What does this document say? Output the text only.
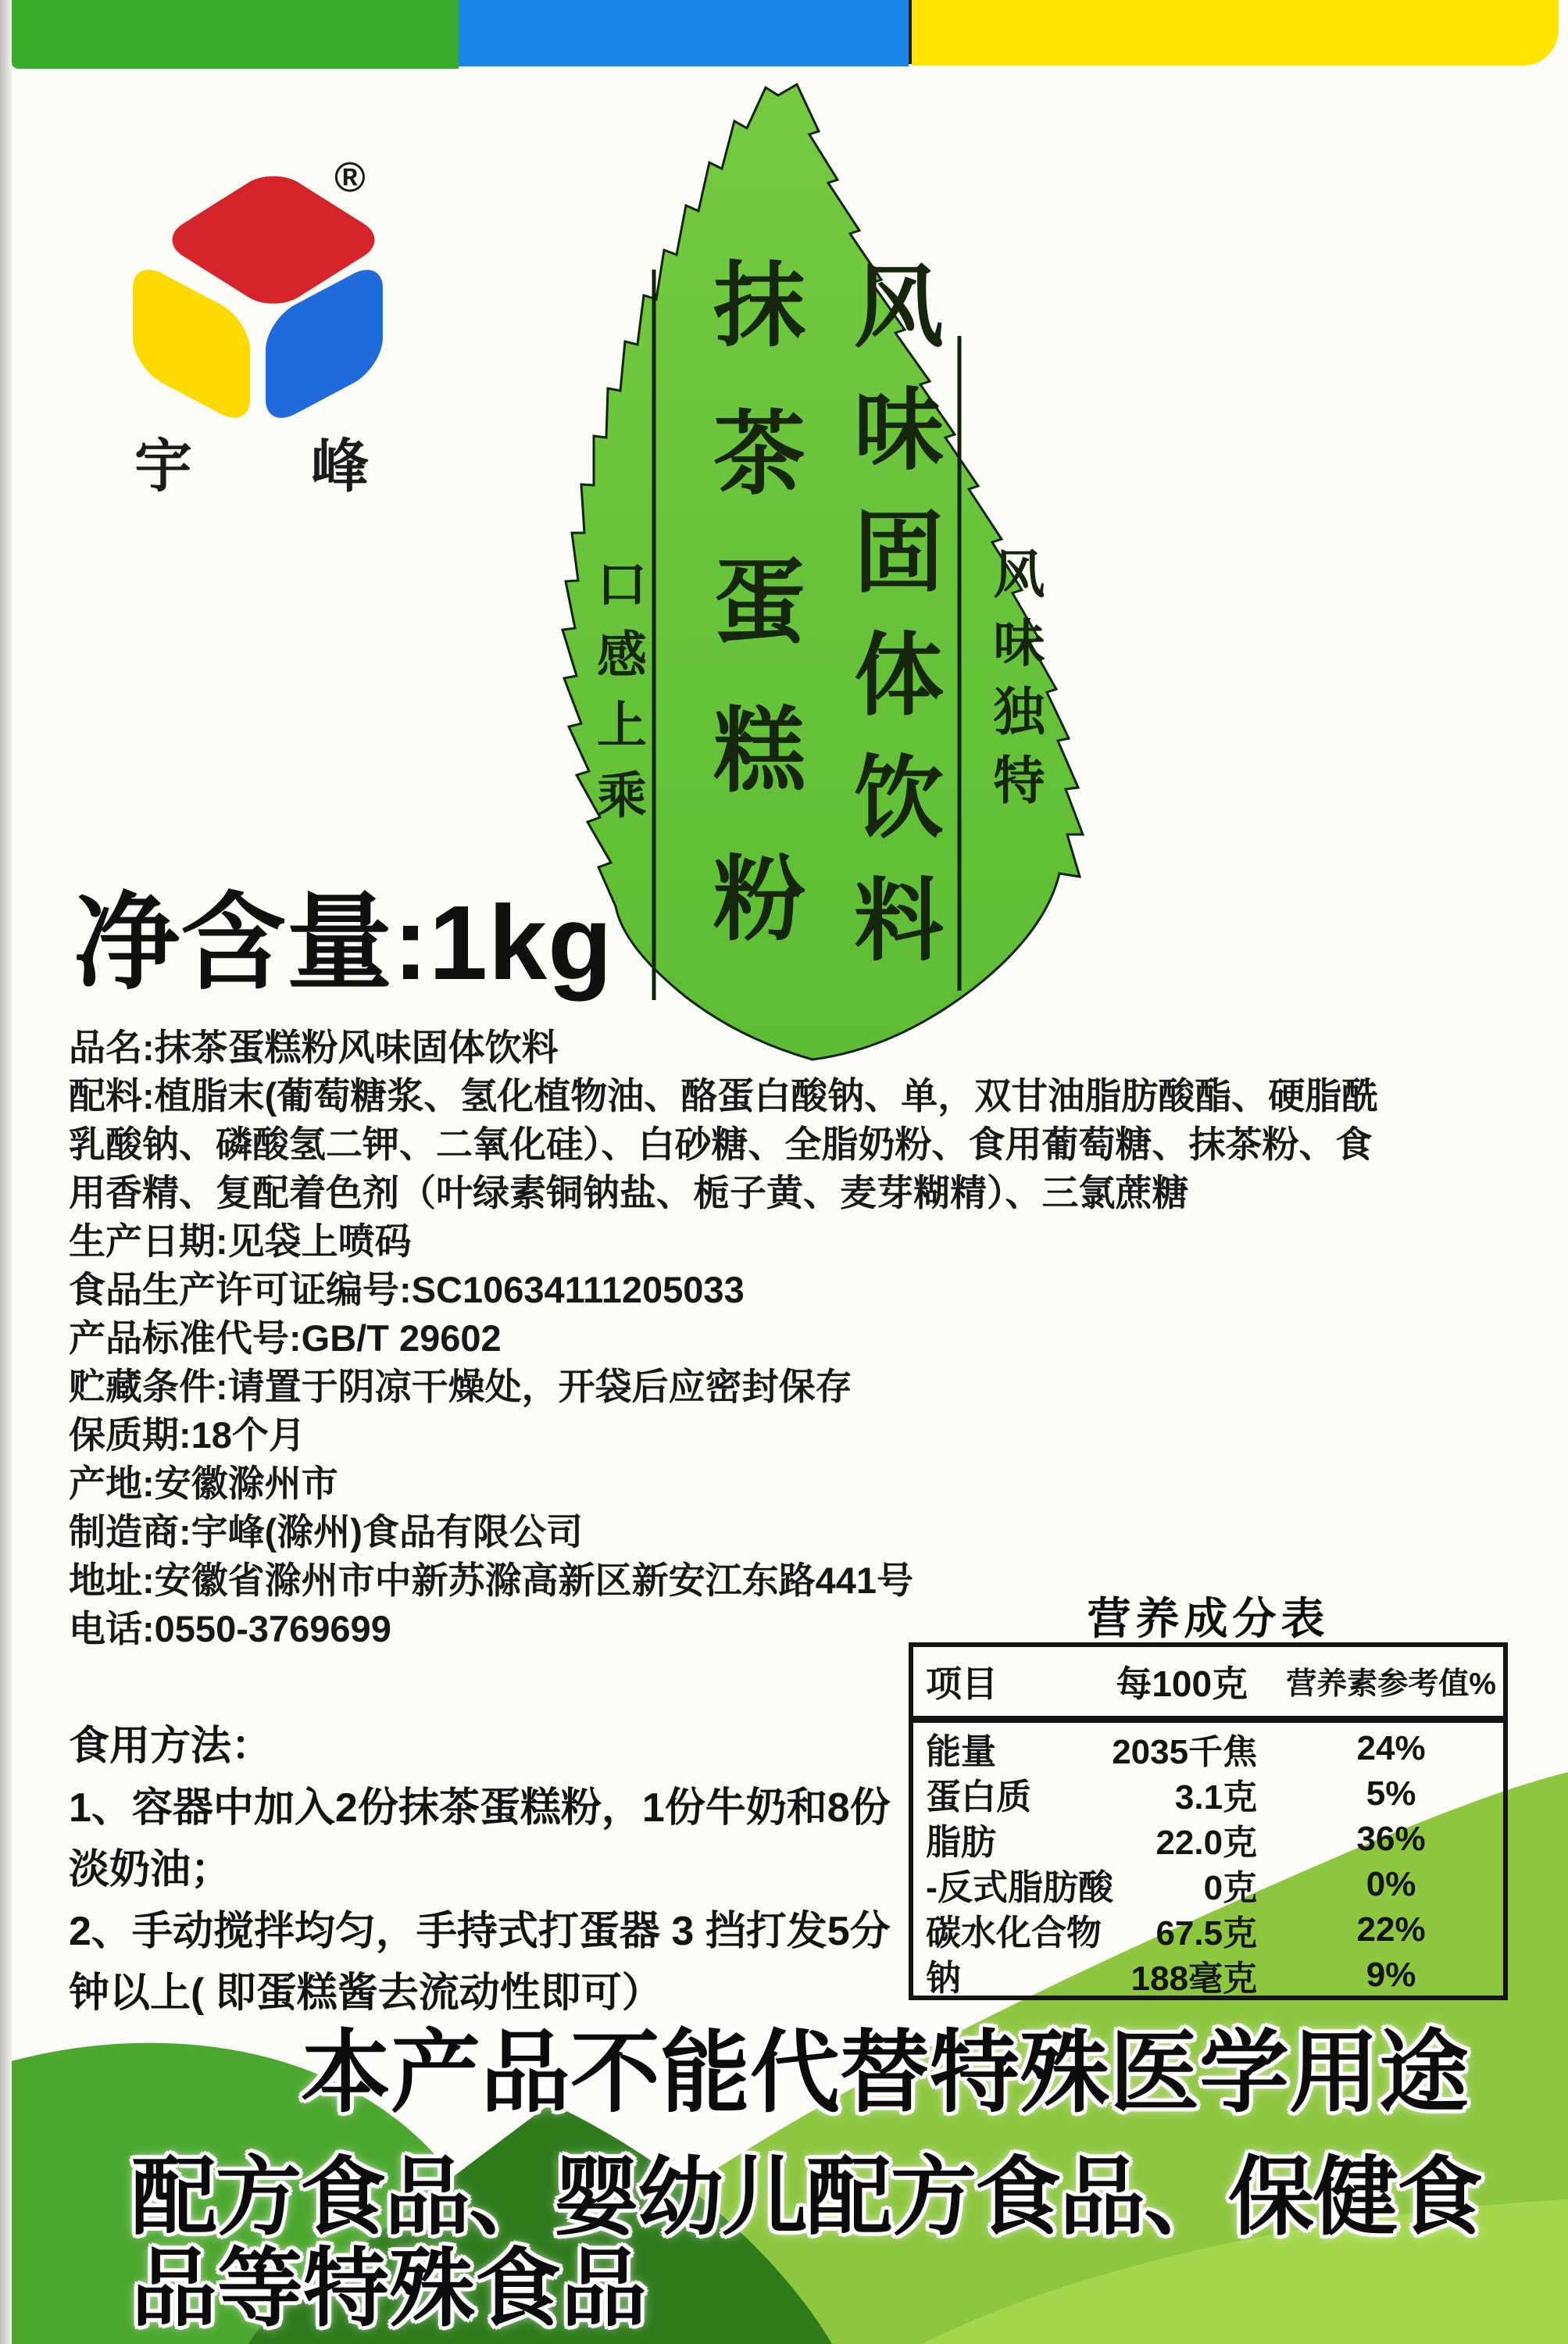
®
宇 峰
口感上乘 抹茶蛋糕粉 风味固体饮料 风味独特
净含量:1kg
品名:抹茶蛋糕粉风味固体饮料
配料:植脂末(葡萄糖浆、氢化植物油、酪蛋白酸钠、单，双甘油脂肪酸酯、硬脂酰
乳酸钠、磷酸氢二钾、二氧化硅）、白砂糖、全脂奶粉、食用葡萄糖、抹茶粉、食
用香精、复配着色剂（叶绿素铜钠盐、栀子黄、麦芽糊精）、三氯蔗糖
生产日期:见袋上喷码
食品生产许可证编号:SC10634111205033
产品标准代号:GB/T 29602
贮藏条件:请置于阴凉干燥处，开袋后应密封保存
保质期:18个月
产地:安徽滁州市
制造商:宇峰(滁州)食品有限公司
地址:安徽省滁州市中新苏滁高新区新安江东路441号
电话:0550-3769699
食用方法：
1、容器中加入2份抹茶蛋糕粉，1份牛奶和8份
淡奶油；
2、手动搅拌均匀，手持式打蛋器 3 挡打发5分
钟以上( 即蛋糕酱去流动性即可）
营养成分表
项目	每100克	营养素参考值%
能量	2035千焦	24%
蛋白质	3.1克	5%
脂肪	22.0克	36%
-反式脂肪酸	0克	0%
碳水化合物	67.5克	22%
钠	188毫克	9%
本产品不能代替特殊医学用途
配方食品、婴幼儿配方食品、保健食
品等特殊食品
